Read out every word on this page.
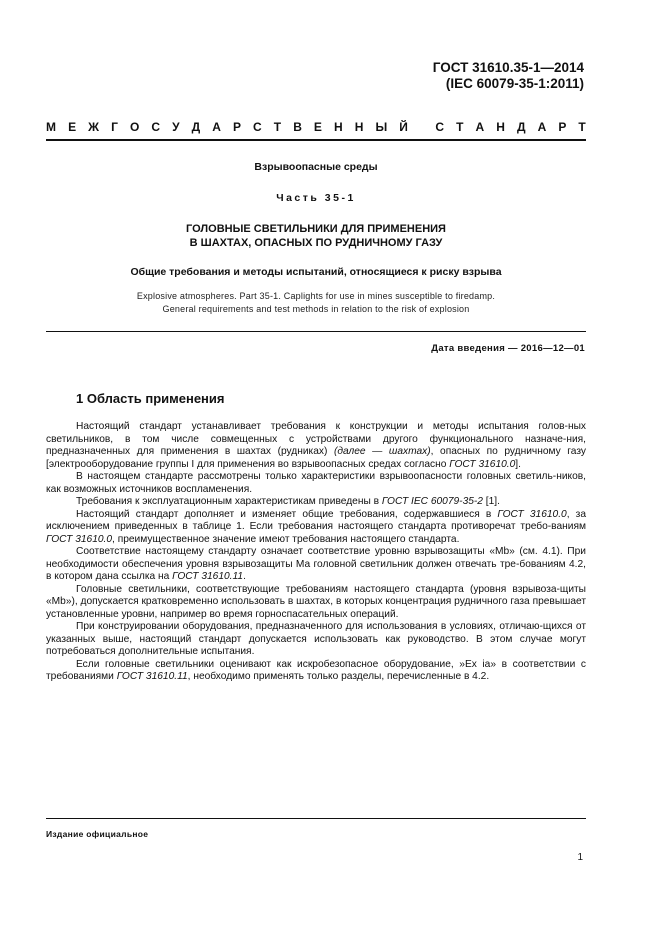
ГОСТ 31610.35-1—2014
(IEC 60079-35-1:2011)
М Е Ж Г О С У Д А Р С Т В Е Н Н Ы Й
С Т А Н Д А Р Т

Взрывоопасные среды

Часть 35-1

ГОЛОВНЫЕ СВЕТИЛЬНИКИ ДЛЯ ПРИМЕНЕНИЯ
В ШАХТАХ, ОПАСНЫХ ПО РУДНИЧНОМУ ГАЗУ

Общие требования и методы испытаний, относящиеся к риску взрыва

Explosive atmospheres. Part 35-1. Caplights for use in mines susceptible to firedamp.
General requirements and test methods in relation to the risk of explosion

Дата введения — 2016—12—01
1 Область применения

Настоящий стандарт устанавливает требования к конструкции и методы испытания голов-ных светильников, в том числе совмещенных с устройствами другого функционального назначе-ния, предназначенных для применения в шахтах (рудниках) (далее — шахтах), опасных по рудничному газу [электрооборудование группы I для применения во взрывоопасных средах согласно ГОСТ 31610.0].

В настоящем стандарте рассмотрены только характеристики взрывоопасности головных светиль-ников, как возможных источников воспламенения.

Требования к эксплуатационным характеристикам приведены в ГОСТ IEC 60079-35-2 [1].

Настоящий стандарт дополняет и изменяет общие требования, содержавшиеся в ГОСТ 31610.0, за исключением приведенных в таблице 1. Если требования настоящего стандарта противоречат требо-ваниям ГОСТ 31610.0, преимущественное значение имеют требования настоящего стандарта.

Соответствие настоящему стандарту означает соответствие уровню взрывозащиты «Mb» (см. 4.1). При необходимости обеспечения уровня взрывозащиты Ма головной светильник должен отвечать тре-бованиям 4.2, в котором дана ссылка на ГОСТ 31610.11.

Головные светильники, соответствующие требованиям настоящего стандарта (уровня взрывоза-щиты «Mb»), допускается кратковременно использовать в шахтах, в которых концентрация рудничного газа превышает установленные уровни, например во время горноспасательных операций.

При конструировании оборудования, предназначенного для использования в условиях, отличаю-щихся от указанных выше, настоящий стандарт допускается использовать как руководство. В этом случае могут потребоваться дополнительные испытания.

Если головные светильники оценивают как искробезопасное оборудование, »Ex ia» в соответствии с требованиями ГОСТ 31610.11, необходимо применять только разделы, перечисленные в 4.2.

Издание официальное
1
